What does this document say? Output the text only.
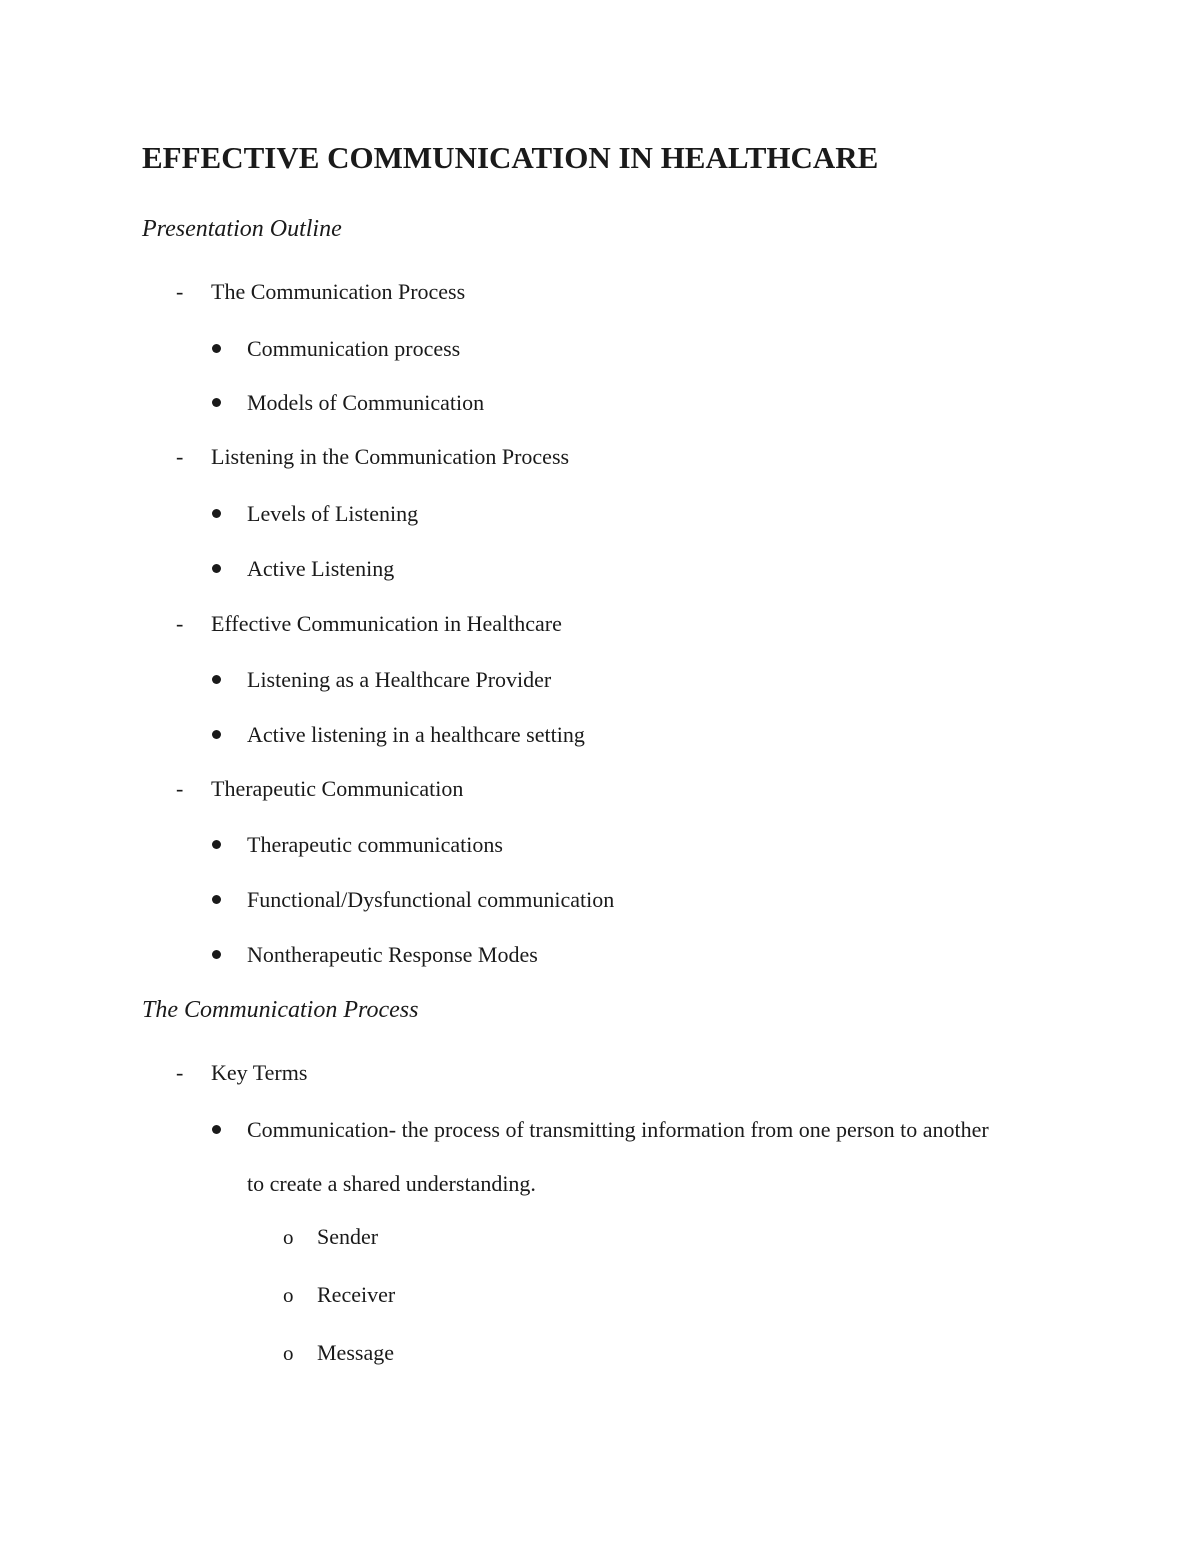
EFFECTIVE COMMUNICATION IN HEALTHCARE
Presentation Outline
-	The Communication Process
Communication process
Models of Communication
-	Listening in the Communication Process
Levels of Listening
Active Listening
-	Effective Communication in Healthcare
Listening as a Healthcare Provider
Active listening in a healthcare setting
-	Therapeutic Communication
Therapeutic communications
Functional/Dysfunctional communication
Nontherapeutic Response Modes
The Communication Process
-	Key Terms
Communication- the process of transmitting information from one person to another
to create a shared understanding.
o Sender
o Receiver
o Message
